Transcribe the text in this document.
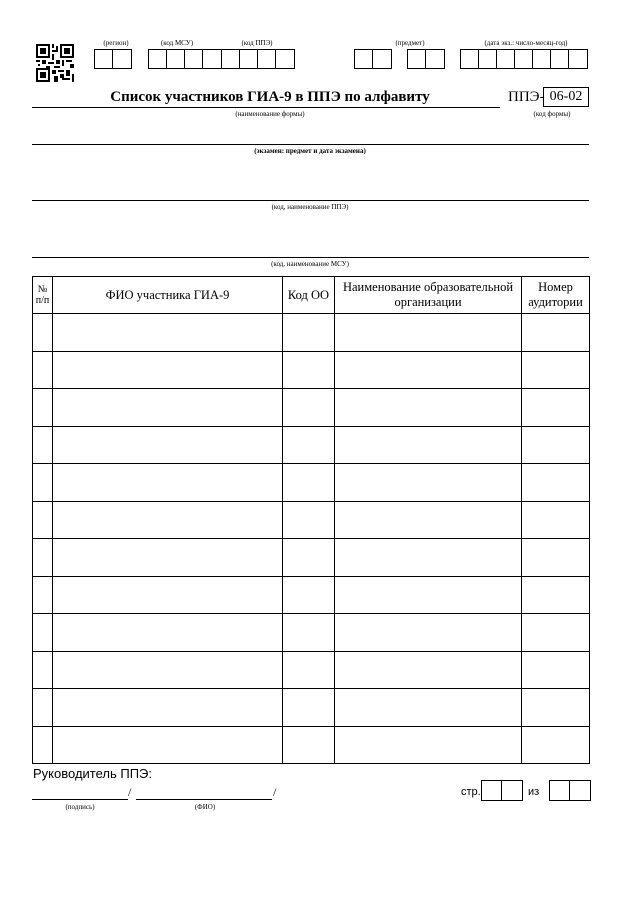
(регион)	(код МСУ)	(код ППЭ)	(предмет)	(дата экз.: число-месяц-год)
Список участников ГИА-9 в ППЭ по алфавиту
(наименование формы)
ППЭ- 06-02
(код формы)
(экзамен: предмет и дата экзамена)
(код, наименование ППЭ)
(код, наименование МСУ)
№ п/п	ФИО участника ГИА-9	Код ОО	Наименование образовательной организации	Номер аудитории

Руководитель ППЭ:
/	/
(подпись)	(ФИО)
стр.	из
